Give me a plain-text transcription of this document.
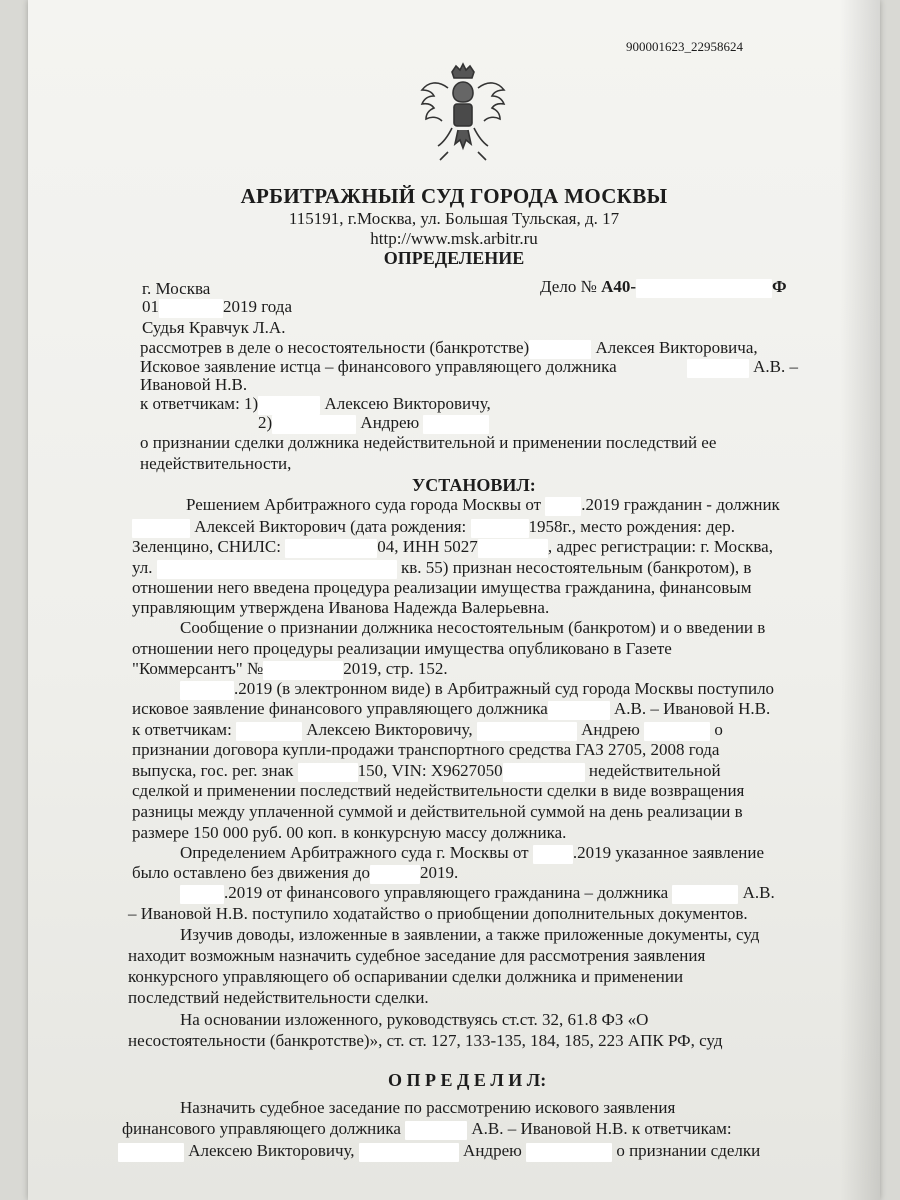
900001623_22958624
АРБИТРАЖНЫЙ СУД ГОРОДА МОСКВЫ
115191, г.Москва, ул. Большая Тульская, д. 17
http://www.msk.arbitr.ru
ОПРЕДЕЛЕНИЕ
г. Москва	Дело № А40-	Ф
01	2019 года
Судья Кравчук Л.А.
рассмотрев в деле о несостоятельности (банкротстве)	Алексея Викторовича,
Исковое заявление истца – финансового управляющего должника	А.В. –
Ивановой Н.В.
к ответчикам: 1)	Алексею Викторовичу,
2)	Андрею
о признании сделки должника недействительной и применении последствий ее
недействительности,
УСТАНОВИЛ:
Решением Арбитражного суда города Москвы от .2019 гражданин - должник
Алексей Викторович (дата рождения:	1958г., место рождения: дер.
Зеленцино, СНИЛС:	04, ИНН 5027	, адрес регистрации: г. Москва,
ул.	кв. 55) признан несостоятельным (банкротом), в
отношении него введена процедура реализации имущества гражданина, финансовым
управляющим утверждена Иванова Надежда Валерьевна.
Сообщение о признании должника несостоятельным (банкротом) и о введении в
отношении него процедуры реализации имущества опубликовано в Газете
"Коммерсантъ" №	2019, стр. 152.
.2019 (в электронном виде) в Арбитражный суд города Москвы поступило
исковое заявление финансового управляющего должника	А.В. – Ивановой Н.В.
к ответчикам:	Алексею Викторовичу,	Андрею	о
признании договора купли-продажи транспортного средства ГАЗ 2705, 2008 года
выпуска, гос. рег. знак	150, VIN: X9627050	недействительной
сделкой и применении последствий недействительности сделки в виде возвращения
разницы между уплаченной суммой и действительной суммой на день реализации в
размере 150 000 руб. 00 коп. в конкурсную массу должника.
Определением Арбитражного суда г. Москвы от	.2019 указанное заявление
было оставлено без движения до	2019.
.2019 от финансового управляющего гражданина – должника	А.В.
– Ивановой Н.В. поступило ходатайство о приобщении дополнительных документов.
Изучив доводы, изложенные в заявлении, а также приложенные документы, суд
находит возможным назначить судебное заседание для рассмотрения заявления
конкурсного управляющего об оспаривании сделки должника и применении
последствий недействительности сделки.
На основании изложенного, руководствуясь ст.ст. 32, 61.8 ФЗ «О
несостоятельности (банкротстве)», ст. ст. 127, 133-135, 184, 185, 223 АПК РФ, суд
О П Р Е Д Е Л И Л:
Назначить судебное заседание по рассмотрению искового заявления
финансового управляющего должника	А.В. – Ивановой Н.В. к ответчикам:
Алексею Викторовичу,	Андрею	о признании сделки
